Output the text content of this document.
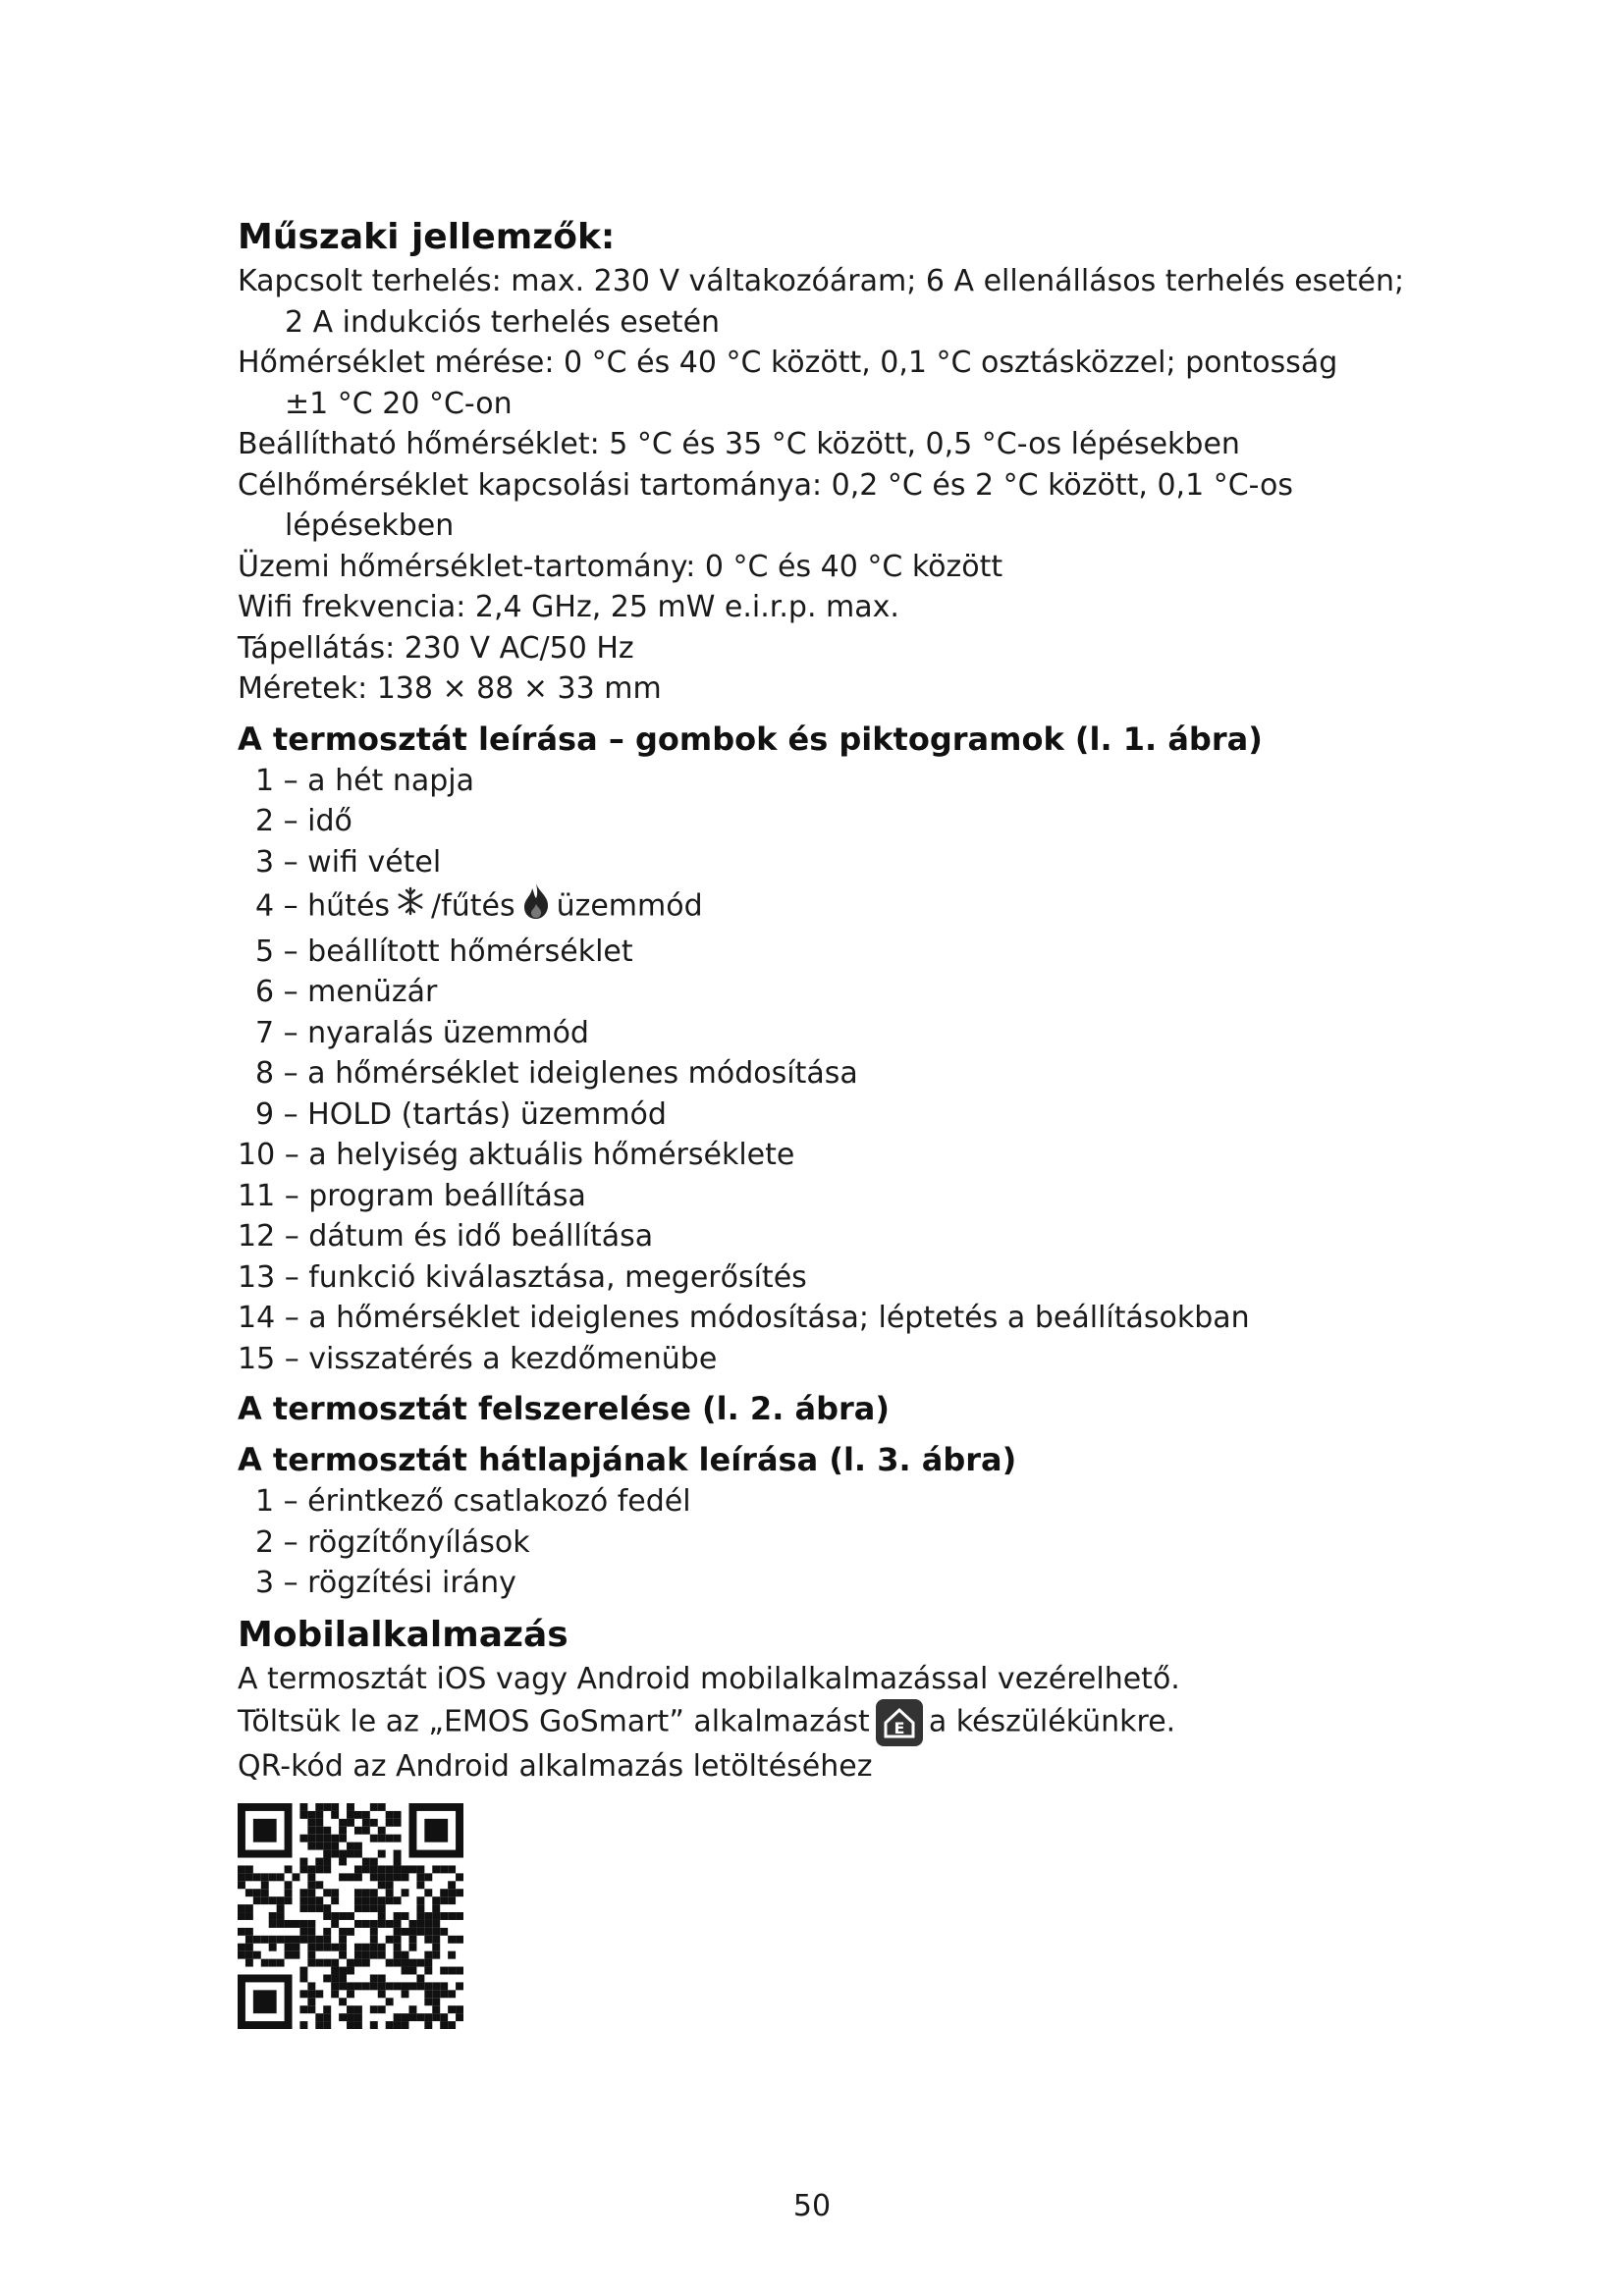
Műszaki jellemzők:

Kapcsolt terhelés: max. 230 V váltakozóáram; 6 A ellenállásos terhelés esetén;

2 A indukciós terhelés esetén

Hőmérséklet mérése: 0 °C és 40 °C között, 0,1 °C osztásközzel; pontosság

±1 °C 20 °C-on

Beállítható hőmérséklet: 5 °C és 35 °C között, 0,5 °C-os lépésekben

Célhőmérséklet kapcsolási tartománya: 0,2 °C és 2 °C között, 0,1 °C-os

lépésekben

Üzemi hőmérséklet-tartomány: 0 °C és 40 °C között

Wifi frekvencia: 2,4 GHz, 25 mW e.i.r.p. max.

Tápellátás: 230 V AC/50 Hz

Méretek: 138 × 88 × 33 mm

A termosztát leírása – gombok és piktogramok (l. 1. ábra)

1 – a hét napja

2 – idő

3 – wifi vétel

4 – hűtés /fűtés üzemmód

5 – beállított hőmérséklet

6 – menüzár

7 – nyaralás üzemmód

8 – a hőmérséklet ideiglenes módosítása

9 – HOLD (tartás) üzemmód

10 – a helyiség aktuális hőmérséklete

11 – program beállítása

12 – dátum és idő beállítása

13 – funkció kiválasztása, megerősítés

14 – a hőmérséklet ideiglenes módosítása; léptetés a beállításokban

15 – visszatérés a kezdőmenübe

A termosztát felszerelése (l. 2. ábra)
A termosztát hátlapjának leírása (l. 3. ábra)

1 – érintkező csatlakozó fedél

2 – rögzítőnyílások

3 – rögzítési irány

Mobilalkalmazás

A termosztát iOS vagy Android mobilalkalmazással vezérelhető.

Töltsük le az „EMOS GoSmart” alkalmazást E a készülékünkre.

QR-kód az Android alkalmazás letöltéséhez

50
